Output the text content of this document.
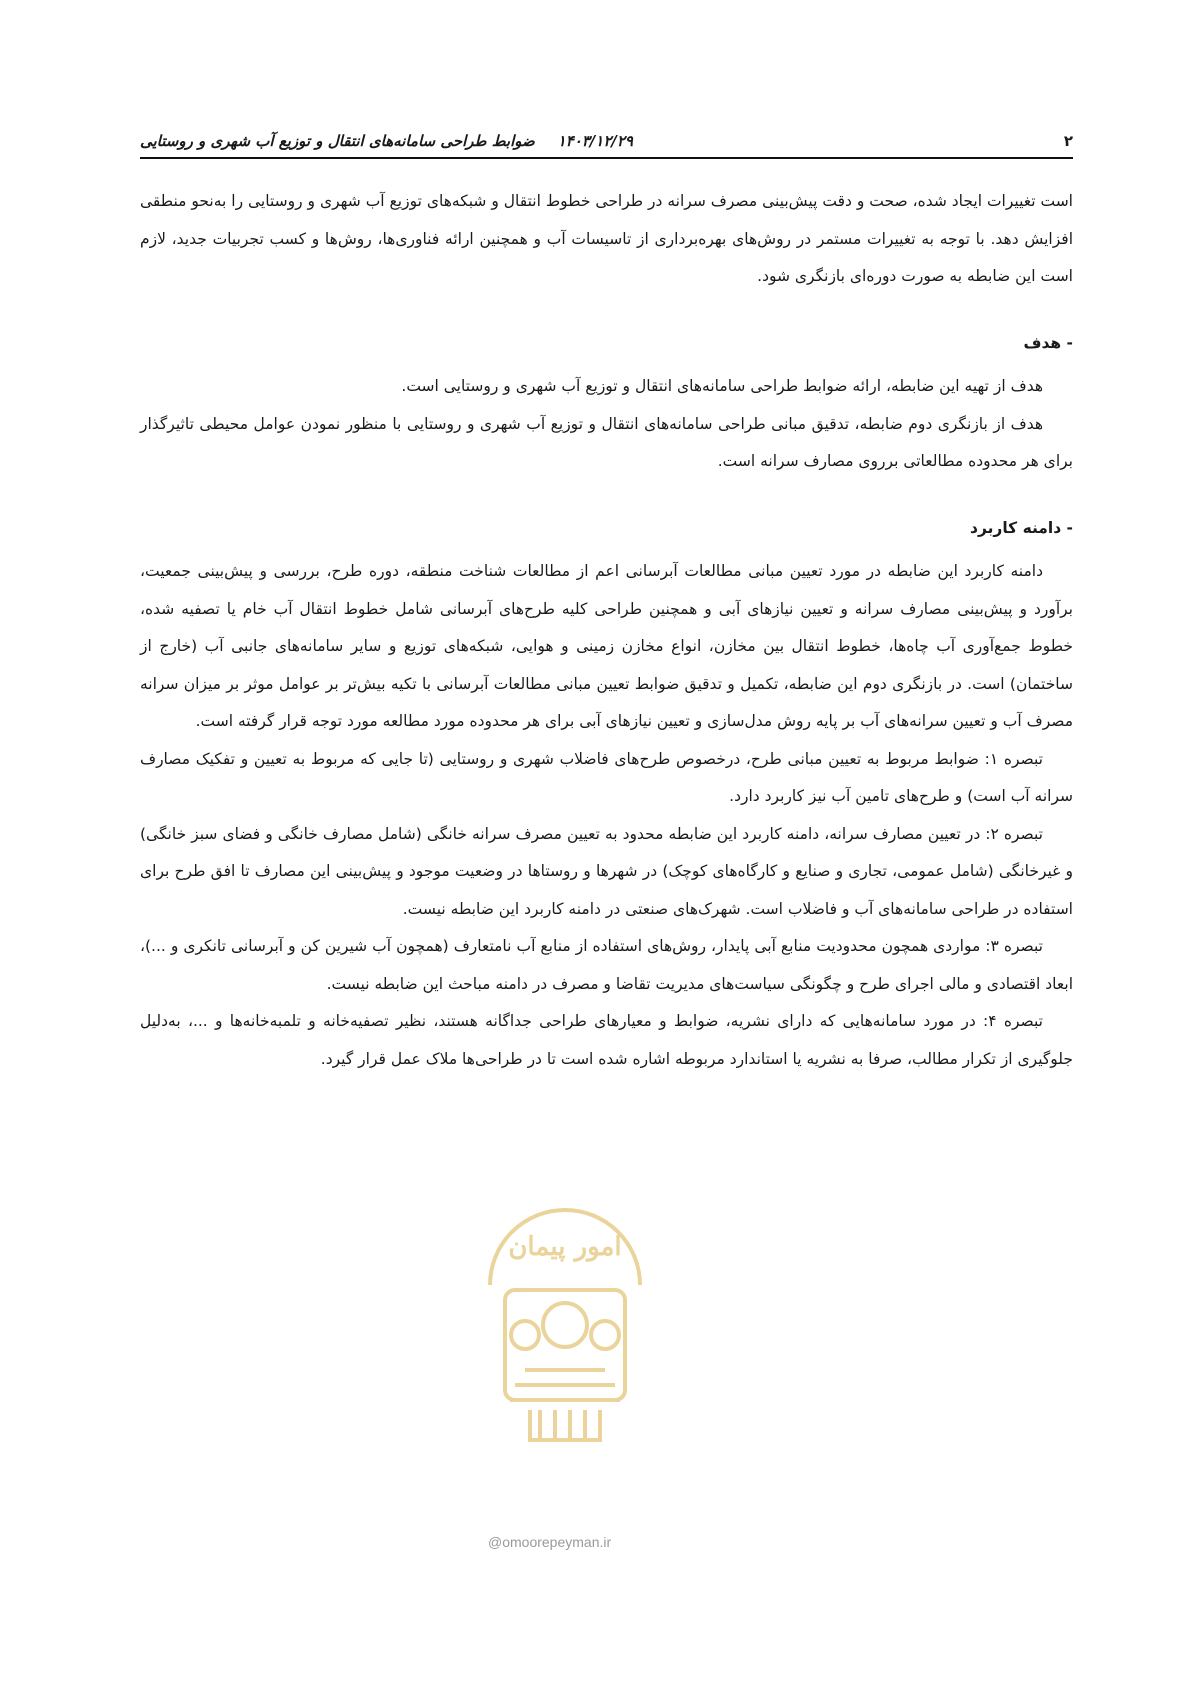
۲
۱۴۰۳/۱۲/۲۹
ضوابط طراحی سامانه‌های انتقال و توزیع آب شهری و روستایی

است تغییرات ایجاد شده، صحت و دقت پیش‌بینی مصرف سرانه در طراحی خطوط انتقال و شبکه‌های توزیع آب شهری و روستایی را به‌نحو منطقی افزایش دهد. با توجه به تغییرات مستمر در روش‌های بهره‌برداری از تاسیسات آب و همچنین ارائه فناوری‌ها، روش‌ها و کسب تجربیات جدید، لازم است این ضابطه به صورت دوره‌ای بازنگری شود.

- هدف

هدف از تهیه این ضابطه، ارائه ضوابط طراحی سامانه‌های انتقال و توزیع آب شهری و روستایی است.

هدف از بازنگری دوم ضابطه، تدقیق مبانی طراحی سامانه‌های انتقال و توزیع آب شهری و روستایی با منظور نمودن عوامل محیطی تاثیرگذار برای هر محدوده مطالعاتی برروی مصارف سرانه است.

- دامنه کاربرد

دامنه کاربرد این ضابطه در مورد تعیین مبانی مطالعات آبرسانی اعم از مطالعات شناخت منطقه، دوره طرح، بررسی و پیش‌بینی جمعیت، برآورد و پیش‌بینی مصارف سرانه و تعیین نیازهای آبی و همچنین طراحی کلیه طرح‌های آبرسانی شامل خطوط انتقال آب خام یا تصفیه شده، خطوط جمع‌آوری آب چاه‌ها، خطوط انتقال بین مخازن، انواع مخازن زمینی و هوایی، شبکه‌های توزیع و سایر سامانه‌های جانبی آب (خارج از ساختمان) است. در بازنگری دوم این ضابطه، تکمیل و تدقیق ضوابط تعیین مبانی مطالعات آبرسانی با تکیه بیش‌تر بر عوامل موثر بر میزان سرانه مصرف آب و تعیین سرانه‌های آب بر پایه روش مدل‌سازی و تعیین نیازهای آبی برای هر محدوده مورد مطالعه مورد توجه قرار گرفته است.

تبصره ۱: ضوابط مربوط به تعیین مبانی طرح، درخصوص طرح‌های فاضلاب شهری و روستایی (تا جایی که مربوط به تعیین و تفکیک مصارف سرانه آب است) و طرح‌های تامین آب نیز کاربرد دارد.

تبصره ۲: در تعیین مصارف سرانه، دامنه کاربرد این ضابطه محدود به تعیین مصرف سرانه خانگی (شامل مصارف خانگی و فضای سبز خانگی) و غیرخانگی (شامل عمومی، تجاری و صنایع و کارگاه‌های کوچک) در شهرها و روستاها در وضعیت موجود و پیش‌بینی این مصارف تا افق طرح برای استفاده در طراحی سامانه‌های آب و فاضلاب است. شهرک‌های صنعتی در دامنه کاربرد این ضابطه نیست.

تبصره ۳: مواردی همچون محدودیت منابع آبی پایدار، روش‌های استفاده از منابع آب نامتعارف (همچون آب شیرین کن و آبرسانی تانکری و ...)، ابعاد اقتصادی و مالی اجرای طرح و چگونگی سیاست‌های مدیریت تقاضا و مصرف در دامنه مباحث این ضابطه نیست.

تبصره ۴: در مورد سامانه‌هایی که دارای نشریه، ضوابط و معیارهای طراحی جداگانه هستند، نظیر تصفیه‌خانه و تلمبه‌خانه‌ها و ...، به‌دلیل جلوگیری از تکرار مطالب، صرفا به نشریه یا استاندارد مربوطه اشاره شده است تا در طراحی‌ها ملاک عمل قرار گیرد.

امور پیمان
@omoorepeyman.ir
